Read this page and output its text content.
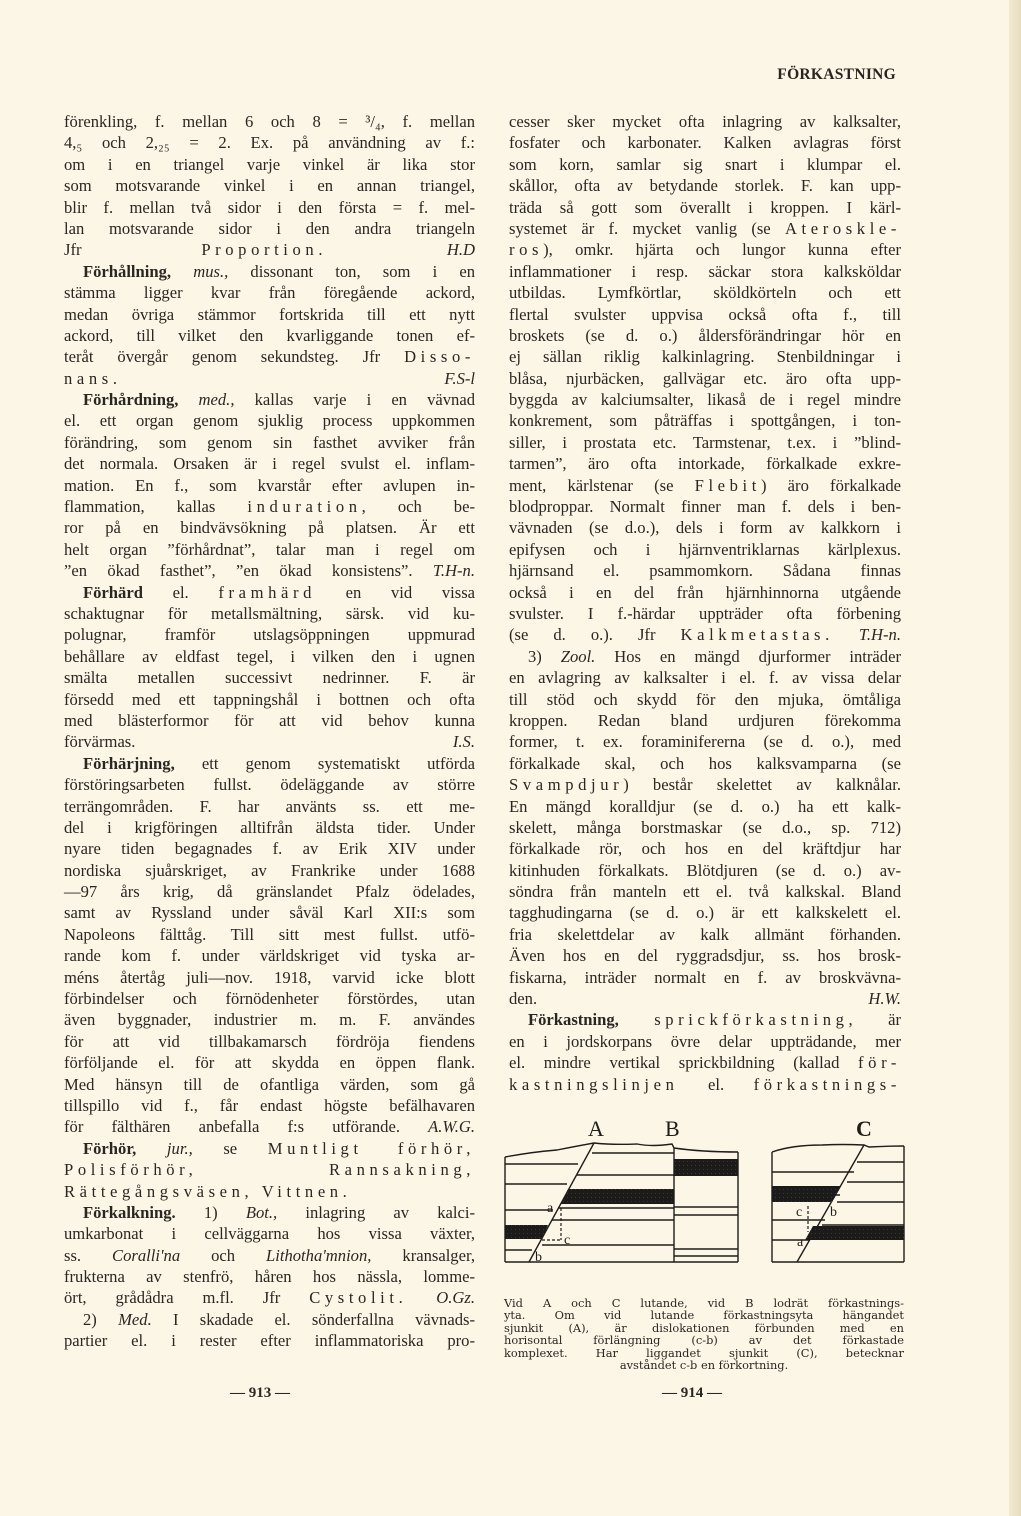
FÖRKASTNING
förenkling, f. mellan 6 och 8 = ³/₄, f. mellan
4,₅ och 2,₂₅ = 2. Ex. på användning av f.:
om i en triangel varje vinkel är lika stor
som motsvarande vinkel i en annan triangel,
blir f. mellan två sidor i den första = f. mel-
lan motsvarande sidor i den andra triangeln
Jfr Proportion.	H.D
Förhållning, mus., dissonant ton, som i en
stämma ligger kvar från föregående ackord,
medan övriga stämmor fortskrida till ett nytt
ackord, till vilket den kvarliggande tonen ef-
teråt övergår genom sekundsteg. Jfr Disso-
nans.	F.S-l
Förhårdning, med., kallas varje i en vävnad
el. ett organ genom sjuklig process uppkommen
förändring, som genom sin fasthet avviker från
det normala. Orsaken är i regel svulst el. inflam-
mation. En f., som kvarstår efter avlupen in-
flammation, kallas induration, och be-
ror på en bindvävsökning på platsen. Är ett
helt organ ”förhårdnat”, talar man i regel om
”en ökad fasthet”, ”en ökad konsistens”. T.H-n.
Förhärd el. framhärd en vid vissa
schaktugnar för metallsmältning, särsk. vid ku-
polugnar, framför utslagsöppningen uppmurad
behållare av eldfast tegel, i vilken den i ugnen
smälta metallen successivt nedrinner. F. är
försedd med ett tappningshål i bottnen och ofta
med blästerformor för att vid behov kunna
förvärmas.	I.S.
Förhärjning, ett genom systematiskt utförda
förstöringsarbeten fullst. ödeläggande av större
terrängområden. F. har använts ss. ett me-
del i krigföringen alltifrån äldsta tider. Under
nyare tiden begagnades f. av Erik XIV under
nordiska sjuårskriget, av Frankrike under 1688
—97 års krig, då gränslandet Pfalz ödelades,
samt av Ryssland under såväl Karl XII:s som
Napoleons fälttåg. Till sitt mest fullst. utfö-
rande kom f. under världskriget vid tyska ar-
méns återtåg juli—nov. 1918, varvid icke blott
förbindelser och förnödenheter förstördes, utan
även byggnader, industrier m. m. F. användes
för att vid tillbakamarsch fördröja fiendens
förföljande el. för att skydda en öppen flank.
Med hänsyn till de ofantliga värden, som gå
tillspillo vid f., får endast högste befälhavaren
för fälthären anbefalla f:s utförande. A.W.G.
Förhör, jur., se Muntligt förhör,
Polisförhör, Rannsakning,
Rättegångsväsen, Vittnen.
Förkalkning. 1) Bot., inlagring av kalci-
umkarbonat i cellväggarna hos vissa växter,
ss. Coralli'na och Lithotha'mnion, kransalger,
frukterna av stenfrö, håren hos nässla, lomme-
ört, grådådra m.fl. Jfr Cystolit. O.Gz.
2) Med. I skadade el. sönderfallna vävnads-
partier el. i rester efter inflammatoriska pro-
cesser sker mycket ofta inlagring av kalksalter,
fosfater och karbonater. Kalken avlagras först
som korn, samlar sig snart i klumpar el.
skållor, ofta av betydande storlek. F. kan upp-
träda så gott som överallt i kroppen. I kärl-
systemet är f. mycket vanlig (se Ateroskle-
ros), omkr. hjärta och lungor kunna efter
inflammationer i resp. säckar stora kalksköldar
utbildas. Lymfkörtlar, sköldkörteln och ett
flertal svulster uppvisa också ofta f., till
broskets (se d. o.) åldersförändringar hör en
ej sällan riklig kalkinlagring. Stenbildningar i
blåsa, njurbäcken, gallvägar etc. äro ofta upp-
byggda av kalciumsalter, likaså de i regel mindre
konkrement, som påträffas i spottgången, i ton-
siller, i prostata etc. Tarmstenar, t.ex. i ”blind-
tarmen”, äro ofta intorkade, förkalkade exkre-
ment, kärlstenar (se Flebit) äro förkalkade
blodproppar. Normalt finner man f. dels i ben-
vävnaden (se d.o.), dels i form av kalkkorn i
epifysen och i hjärnventriklarnas kärlplexus.
hjärnsand el. psammomkorn. Sådana finnas
också i en del från hjärnhinnorna utgående
svulster. I f.-härdar uppträder ofta förbening
(se d. o.). Jfr Kalkmetastas. T.H-n.
3) Zool. Hos en mängd djurformer inträder
en avlagring av kalksalter i el. f. av vissa delar
till stöd och skydd för den mjuka, ömtåliga
kroppen. Redan bland urdjuren förekomma
former, t. ex. foraminifererna (se d. o.), med
förkalkade skal, och hos kalksvamparna (se
Svampdjur) består skelettet av kalknålar.
En mängd koralldjur (se d. o.) ha ett kalk-
skelett, många borstmaskar (se d.o., sp. 712)
förkalkade rör, och hos en del kräftdjur har
kitinhuden förkalkats. Blötdjuren (se d. o.) av-
söndra från manteln ett el. två kalkskal. Bland
tagghudingarna (se d. o.) är ett kalkskelett el.
fria skelettdelar av kalk allmänt förhanden.
Även hos en del ryggradsdjur, ss. hos brosk-
fiskarna, inträder normalt en f. av broskvävna-
den.	H.W.
Förkastning, sprickförkastning, är
en i jordskorpans övre delar uppträdande, mer
el. mindre vertikal sprickbildning (kallad för-
kastningslinjen el. förkastnings-
A	B	C
a
c
b
c b
a
Vid A och C lutande, vid B lodrät förkastnings-
yta. Om vid lutande förkastningsyta hängandet
sjunkit (A), är dislokationen förbunden med en
horisontal förlängning (c-b) av det förkastade
komplexet. Har liggandet sjunkit (C), betecknar
avståndet c-b en förkortning.
— 913 —	— 914 —
